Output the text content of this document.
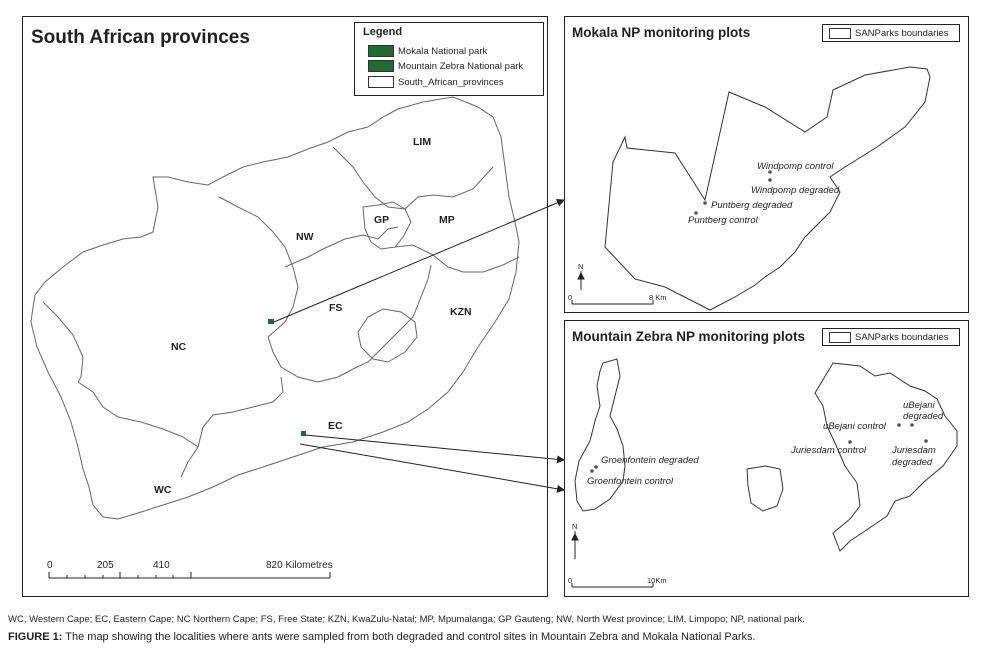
South African provinces
LIM
NW
GP	MP
FS	KZN
NC
EC
WC
0	205	410	820 Kilometres
Legend
Mokala National park
Mountain Zebra National park
South_African_provinces
Mokala NP monitoring plots	SANParks boundaries
Windpomp control
Windpomp degraded
Puntberg degraded
Puntberg control
N
0	8 Km
Mountain Zebra NP monitoring plots	SANParks boundaries
Groenfontein degraded
Groenfontein control
uBejani control
uBejani
degraded
Juriesdam control	Juriesdam
degraded
N
0	10Km
WC, Western Cape; EC, Eastern Cape; NC Northern Cape; FS, Free State; KZN, KwaZulu-Natal; MP, Mpumalanga; GP Gauteng; NW, North West province; LIM, Limpopo; NP, national park.
FIGURE 1: The map showing the localities where ants were sampled from both degraded and control sites in Mountain Zebra and Mokala National Parks.
